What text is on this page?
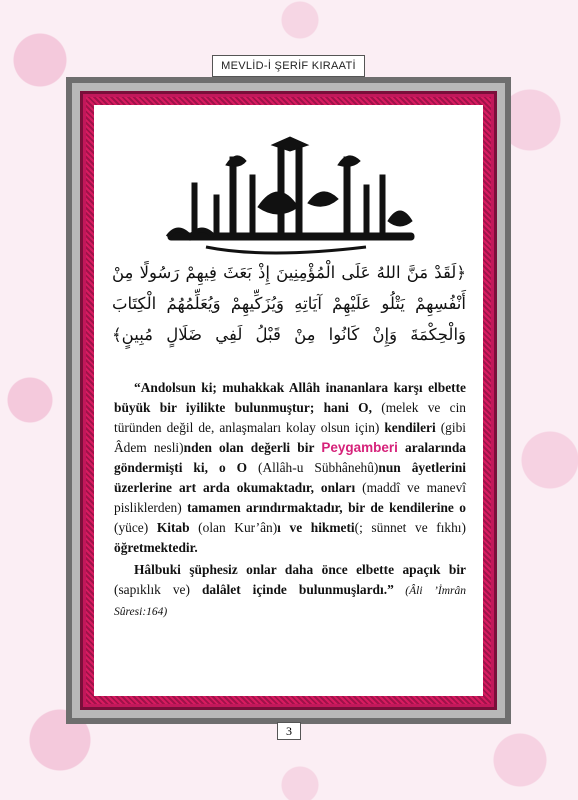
MEVLİD-İ ŞERİF KIRAATİ
﴿لَقَدْ مَنَّ اللهُ عَلَى الْمُؤْمِنِينَ إِذْ بَعَثَ فِيهِمْ رَسُولًا مِنْ
أَنْفُسِهِمْ يَتْلُو عَلَيْهِمْ آيَاتِهِ وَيُزَكِّيهِمْ وَيُعَلِّمُهُمُ الْكِتَابَ
وَالْحِكْمَةَ وَإِنْ كَانُوا مِنْ قَبْلُ لَفِي ضَلَالٍ مُبِينٍ﴾

“Andolsun ki; muhakkak Allâh inananlara karşı elbette büyük bir iyilikte bulunmuştur; hani O, (melek ve cin türünden değil de, anlaşmaları kolay olsun için) kendileri (gibi Âdem nesli)nden olan değerli bir Peygamberi aralarında göndermişti ki, o O (Allâh-u Sübhânehû)nun âyetlerini üzerlerine art arda okumaktadır, onları (maddî ve manevî pisliklerden) tamamen arındırmaktadır, bir de kendilerine o (yüce) Kitab (olan Kur’ân)ı ve hikmeti(; sünnet ve fıkhı) öğretmektedir.

Hâlbuki şüphesiz onlar daha önce elbette apaçık bir (sapıklık ve) dalâlet içinde bulunmuşlardı.” (Âli ’İmrân Sûresi:164)

3
